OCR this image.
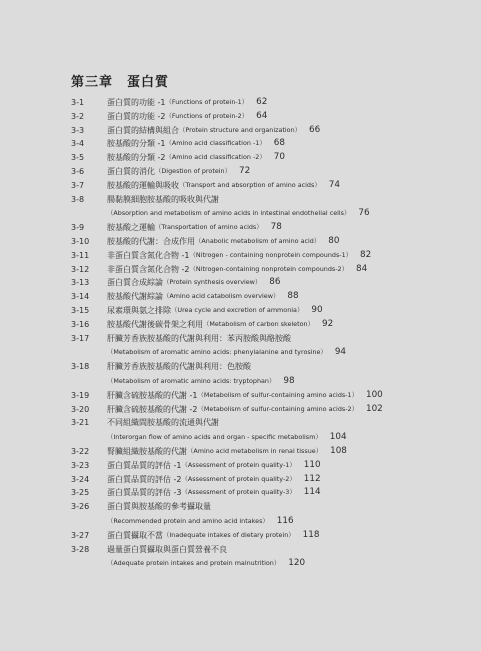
第三章　蛋白質
3-1	蛋白質的功能 -1 （Functions of protein-1） 62
3-2	蛋白質的功能 -2 （Functions of protein-2） 64
3-3	蛋白質的結構與組合 （Protein structure and organization） 66
3-4	胺基酸的分類 -1 （Amino acid classification -1） 68
3-5	胺基酸的分類 -2 （Amino acid classification -2） 70
3-6	蛋白質的消化 （Digestion of protein） 72
3-7	胺基酸的運輸與吸收 （Transport and absorption of amino acids） 74
3-8	腸黏膜細胞胺基酸的吸收與代謝
（Absorption and metabolism of amino acids in intestinal endothelial cells） 76
3-9	胺基酸之運輸 （Transportation of amino acids） 78
3-10	胺基酸的代謝：合成作用 （Anabolic metabolism of amino acid） 80
3-11	非蛋白質含氮化合物 -1 （Nitrogen - containing nonprotein compounds-1） 82
3-12	非蛋白質含氮化合物 -2 （Nitrogen-containing nonprotein compounds-2） 84
3-13	蛋白質合成綜論 （Protein synthesis overview） 86
3-14	胺基酸代謝綜論 （Amino acid catabolism overview） 88
3-15	尿素環與氨之排除 （Urea cycle and excretion of ammonia） 90
3-16	胺基酸代謝後碳骨架之利用 （Metabolism of carbon skeleton） 92
3-17	肝臟芳香族胺基酸的代謝與利用：苯丙胺酸與酪胺酸
（Metabolism of aromatic amino acids: phenylalanine and tyrosine） 94
3-18	肝臟芳香族胺基酸的代謝與利用：色胺酸
（Metabolism of aromatic amino acids: tryptophan） 98
3-19	肝臟含硫胺基酸的代謝 -1 （Metabolism of sulfur-containing amino acids-1） 100
3-20	肝臟含硫胺基酸的代謝 -2 （Metabolism of sulfur-containing amino acids-2） 102
3-21	不同組織間胺基酸的流通與代謝
（Interorgan flow of amino acids and organ - specific metabolism） 104
3-22	腎臟組織胺基酸的代謝 （Amino acid metabolism in renal tissue） 108
3-23	蛋白質品質的評估 -1 （Assessment of protein quality-1） 110
3-24	蛋白質品質的評估 -2 （Assessment of protein quality-2） 112
3-25	蛋白質品質的評估 -3 （Assessment of protein quality-3） 114
3-26	蛋白質與胺基酸的參考攝取量
（Recommended protein and amino acid intakes） 116
3-27	蛋白質攝取不當 （Inadequate intakes of dietary protein） 118
3-28	過量蛋白質攝取與蛋白質營養不良
（Adequate protein intakes and protein malnutrition） 120
